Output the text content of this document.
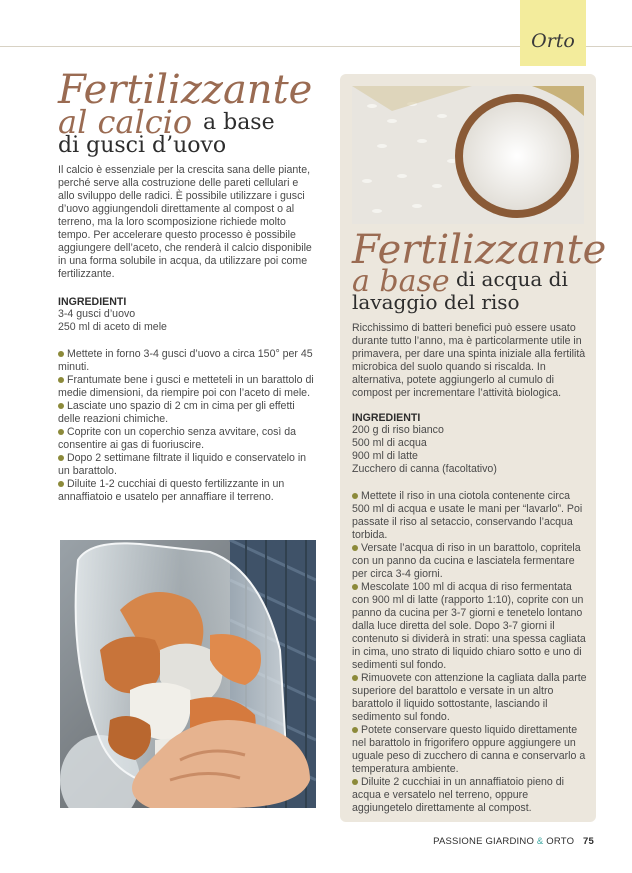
Orto
Fertilizzante
al calcio a base
di gusci d’uovo

Il calcio è essenziale per la crescita sana delle piante, perché serve alla costruzione delle pareti cellulari e allo sviluppo delle radici. È possibile utilizzare i gusci d’uovo aggiungendoli direttamente al compost o al terreno, ma la loro scomposizione richiede molto tempo. Per accelerare questo processo è possibile aggiungere dell’aceto, che renderà il calcio disponibile in una forma solubile in acqua, da utilizzare poi come fertilizzante.

INGREDIENTI
3-4 gusci d’uovo
250 ml di aceto di mele

Mettete in forno 3-4 gusci d’uovo a circa 150° per 45 minuti.

Frantumate bene i gusci e metteteli in un barattolo di medie dimensioni, da riempire poi con l’aceto di mele.

Lasciate uno spazio di 2 cm in cima per gli effetti delle reazioni chimiche.

Coprite con un coperchio senza avvitare, così da consentire ai gas di fuoriuscire.

Dopo 2 settimane filtrate il liquido e conservatelo in un barattolo.

Diluite 1-2 cucchiai di questo fertilizzante in un annaffiatoio e usatelo per annaffiare il terreno.

Fertilizzante
a base di acqua di
lavaggio del riso

Ricchissimo di batteri benefici può essere usato durante tutto l’anno, ma è particolarmente utile in primavera, per dare una spinta iniziale alla fertilità microbica del suolo quando si riscalda. In alternativa, potete aggiungerlo al cumulo di compost per incrementare l’attività biologica.

INGREDIENTI
200 g di riso bianco
500 ml di acqua
900 ml di latte
Zucchero di canna (facoltativo)

Mettete il riso in una ciotola contenente circa 500 ml di acqua e usate le mani per “lavarlo”. Poi passate il riso al setaccio, conservando l’acqua torbida.

Versate l’acqua di riso in un barattolo, copritela con un panno da cucina e lasciatela fermentare per circa 3-4 giorni.

Mescolate 100 ml di acqua di riso fermentata con 900 ml di latte (rapporto 1:10), coprite con un panno da cucina per 3-7 giorni e tenetelo lontano dalla luce diretta del sole. Dopo 3-7 giorni il contenuto si dividerà in strati: una spessa cagliata in cima, uno strato di liquido chiaro sotto e uno di sedimenti sul fondo.

Rimuovete con attenzione la cagliata dalla parte superiore del barattolo e versate in un altro barattolo il liquido sottostante, lasciando il sedimento sul fondo.

Potete conservare questo liquido direttamente nel barattolo in frigorifero oppure aggiungere un uguale peso di zucchero di canna e conservarlo a temperatura ambiente.

Diluite 2 cucchiai in un annaffiatoio pieno di acqua e versatelo nel terreno, oppure aggiungetelo direttamente al compost.

PASSIONE GIARDINO & ORTO 75
